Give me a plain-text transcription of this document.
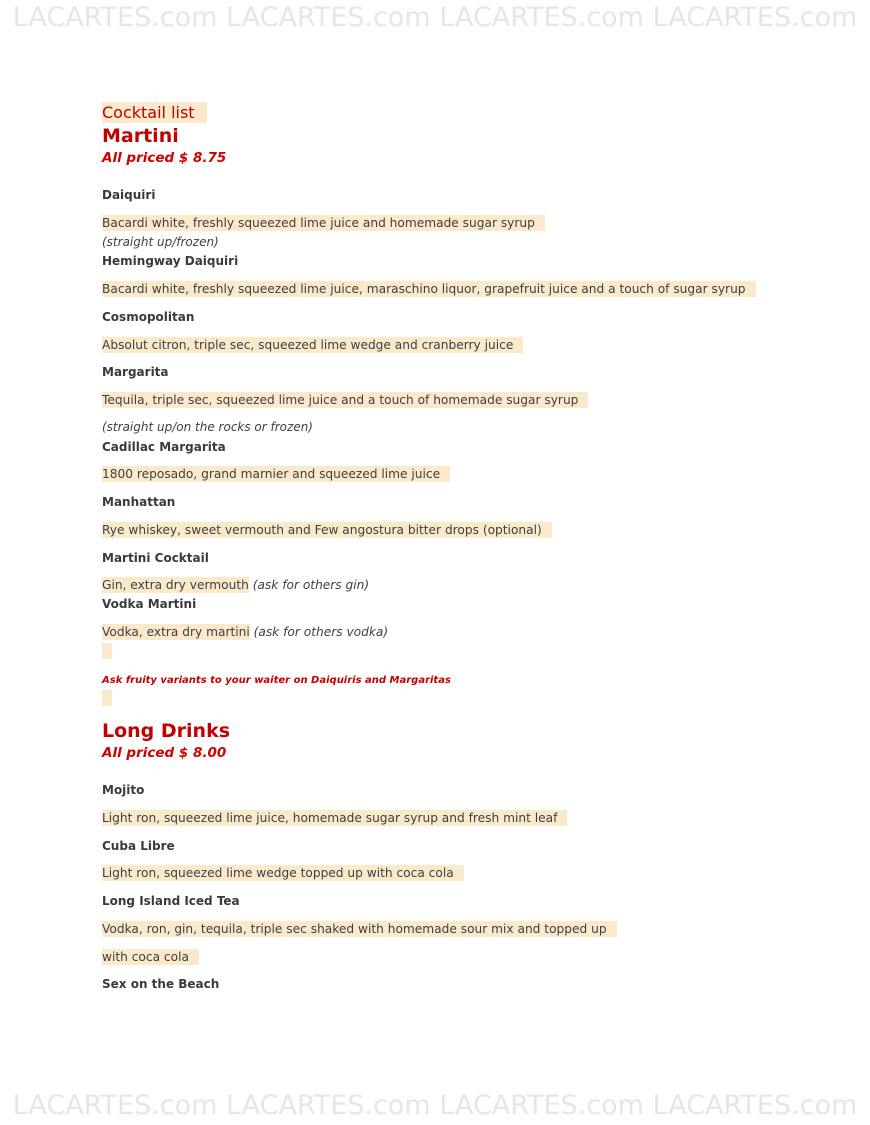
LACARTES.com LACARTES.com LACARTES.com LACARTES.com
Cocktail list
Martini
All priced $ 8.75
Daiquiri
Bacardi white, freshly squeezed lime juice and homemade sugar syrup
(straight up/frozen)
Hemingway Daiquiri
Bacardi white, freshly squeezed lime juice, maraschino liquor, grapefruit juice and a touch of sugar syrup
Cosmopolitan
Absolut citron, triple sec, squeezed lime wedge and cranberry juice
Margarita
Tequila, triple sec, squeezed lime juice and a touch of homemade sugar syrup
(straight up/on the rocks or frozen)
Cadillac Margarita
1800 reposado, grand marnier and squeezed lime juice
Manhattan
Rye whiskey, sweet vermouth and Few angostura bitter drops (optional)
Martini Cocktail
Gin, extra dry vermouth (ask for others gin)
Vodka Martini
Vodka, extra dry martini (ask for others vodka)
Ask fruity variants to your waiter on Daiquiris and Margaritas
Long Drinks
All priced $ 8.00
Mojito
Light ron, squeezed lime juice, homemade sugar syrup and fresh mint leaf
Cuba Libre
Light ron, squeezed lime wedge topped up with coca cola
Long Island Iced Tea
Vodka, ron, gin, tequila, triple sec shaked with homemade sour mix and topped up
with coca cola
Sex on the Beach
LACARTES.com LACARTES.com LACARTES.com LACARTES.com
